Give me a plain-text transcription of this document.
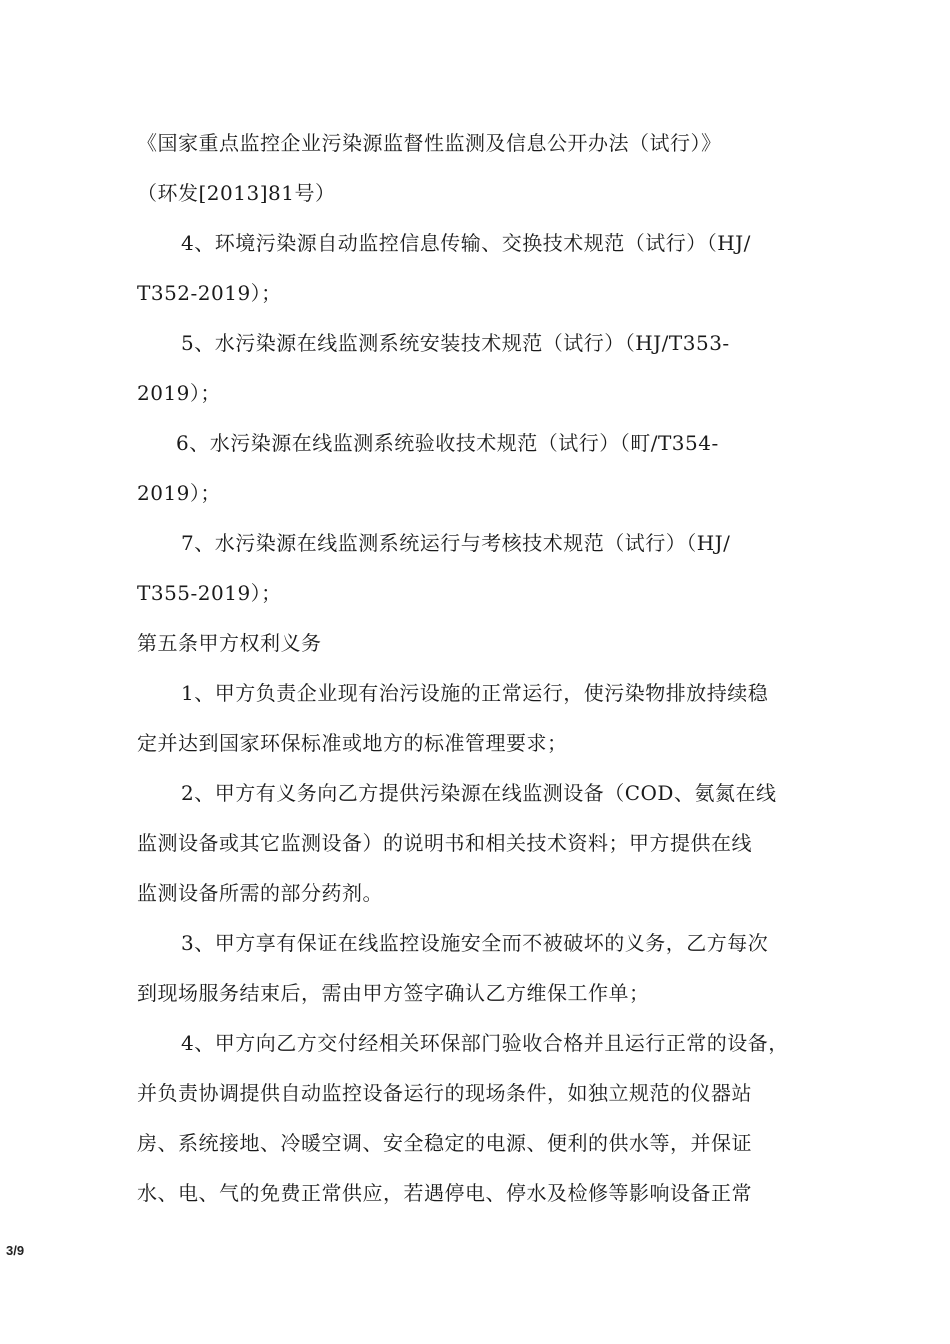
《国家重点监控企业污染源监督性监测及信息公开办法（试行）》
（环发[2013]81号）
4、环境污染源自动监控信息传输、交换技术规范（试行）（HJ/
T352-2019）；
5、水污染源在线监测系统安装技术规范（试行）（HJ/T353-
2019）；
6、水污染源在线监测系统验收技术规范（试行）（町/T354-
2019）；
7、水污染源在线监测系统运行与考核技术规范（试行）（HJ/
T355-2019）；
第五条甲方权利义务
1、甲方负责企业现有治污设施的正常运行，使污染物排放持续稳
定并达到国家环保标准或地方的标准管理要求；
2、甲方有义务向乙方提供污染源在线监测设备（COD、氨氮在线
监测设备或其它监测设备）的说明书和相关技术资料；甲方提供在线
监测设备所需的部分药剂。
3、甲方享有保证在线监控设施安全而不被破坏的义务，乙方每次
到现场服务结束后，需由甲方签字确认乙方维保工作单；
4、甲方向乙方交付经相关环保部门验收合格并且运行正常的设备，
并负责协调提供自动监控设备运行的现场条件，如独立规范的仪器站
房、系统接地、冷暖空调、安全稳定的电源、便利的供水等，并保证
水、电、气的免费正常供应，若遇停电、停水及检修等影响设备正常
3/9
